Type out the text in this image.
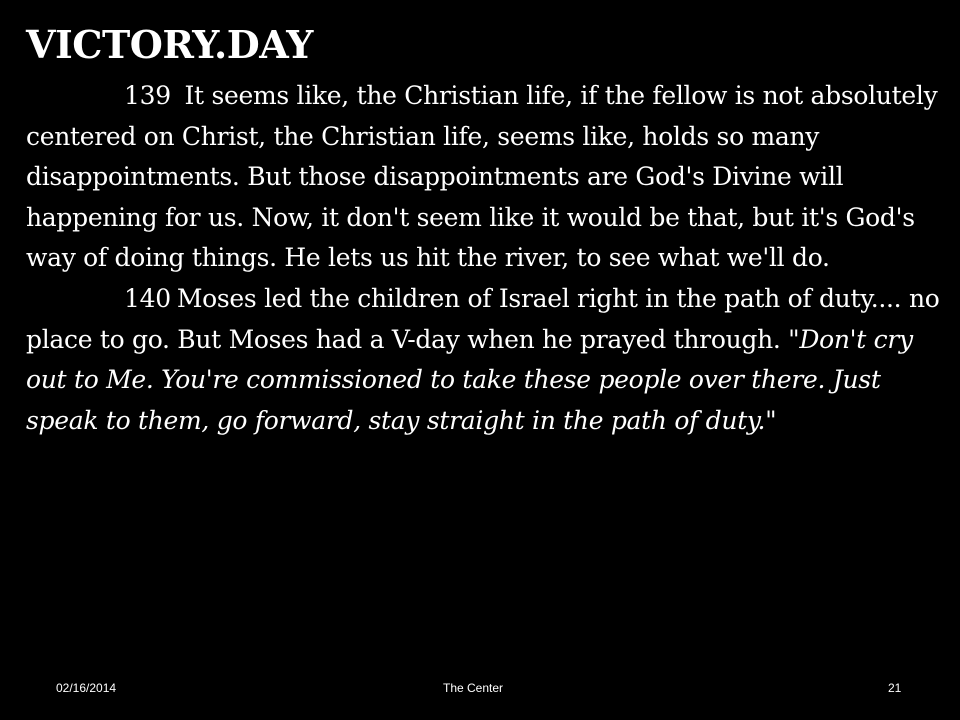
VICTORY.DAY

139 It seems like, the Christian life, if the fellow is not absolutely centered on Christ, the Christian life, seems like, holds so many disappointments. But those disappointments are God's Divine will happening for us. Now, it don't seem like it would be that, but it's God's way of doing things. He lets us hit the river, to see what we'll do.

140 Moses led the children of Israel right in the path of duty.... no place to go. But Moses had a V-day when he prayed through. "Don't cry out to Me. You're commissioned to take these people over there. Just speak to them, go forward, stay straight in the path of duty."

02/16/2014	The Center	21
